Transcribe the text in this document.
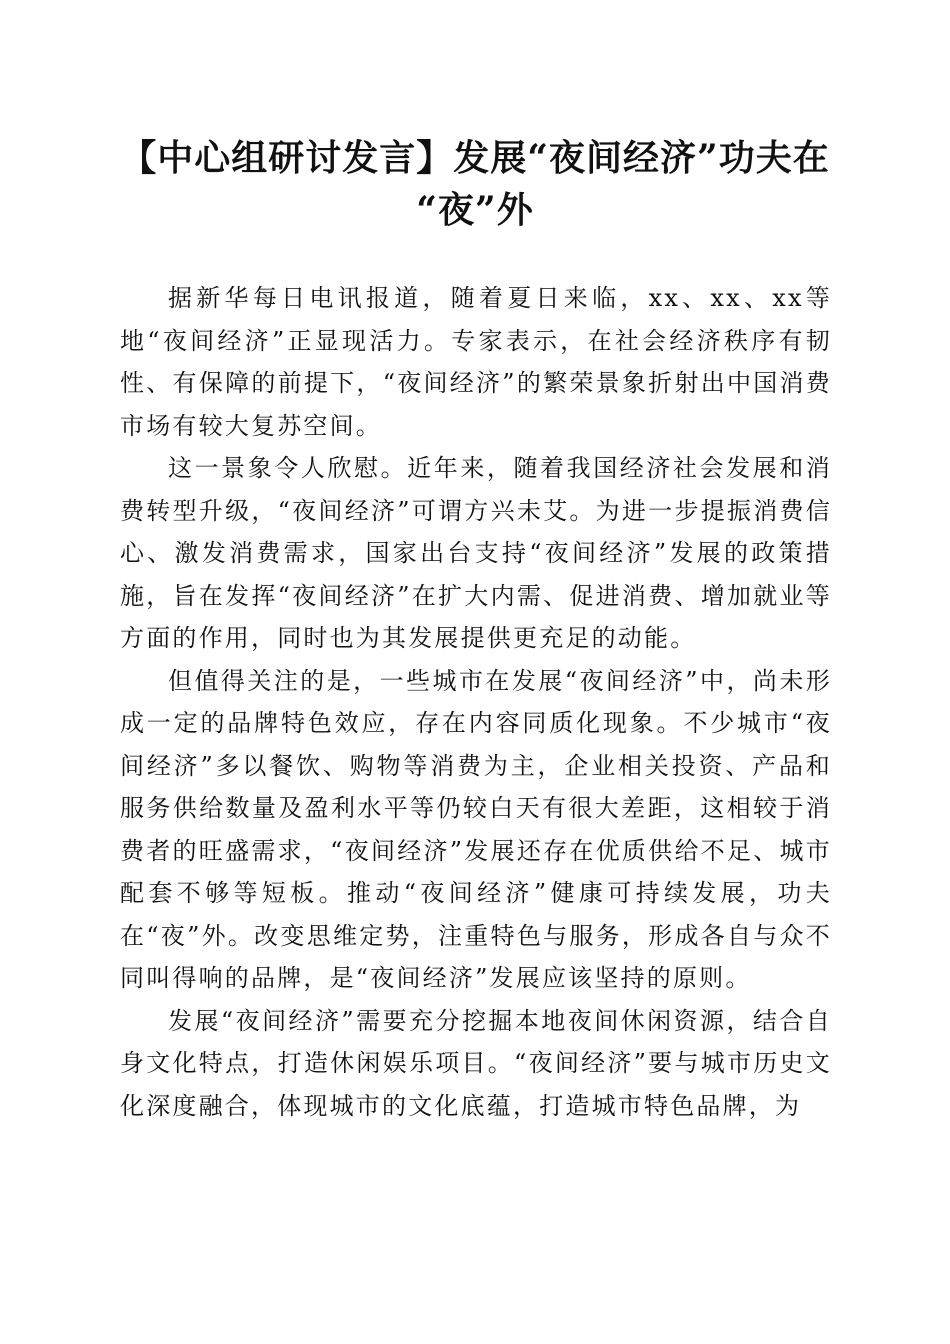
【中心组研讨发言】发展“夜间经济”功夫在
“夜”外

据新华每日电讯报道，随着夏日来临，xx、xx、xx等地“夜间经济”正显现活力。专家表示，在社会经济秩序有韧性、有保障的前提下，“夜间经济”的繁荣景象折射出中国消费市场有较大复苏空间。

这一景象令人欣慰。近年来，随着我国经济社会发展和消费转型升级，“夜间经济”可谓方兴未艾。为进一步提振消费信心、激发消费需求，国家出台支持“夜间经济”发展的政策措施，旨在发挥“夜间经济”在扩大内需、促进消费、增加就业等方面的作用，同时也为其发展提供更充足的动能。

但值得关注的是，一些城市在发展“夜间经济”中，尚未形成一定的品牌特色效应，存在内容同质化现象。不少城市“夜间经济”多以餐饮、购物等消费为主，企业相关投资、产品和服务供给数量及盈利水平等仍较白天有很大差距，这相较于消费者的旺盛需求，“夜间经济”发展还存在优质供给不足、城市配套不够等短板。推动“夜间经济”健康可持续发展，功夫在“夜”外。改变思维定势，注重特色与服务，形成各自与众不同叫得响的品牌，是“夜间经济”发展应该坚持的原则。

发展“夜间经济”需要充分挖掘本地夜间休闲资源，结合自身文化特点，打造休闲娱乐项目。“夜间经济”要与城市历史文化深度融合，体现城市的文化底蕴，打造城市特色品牌，为
